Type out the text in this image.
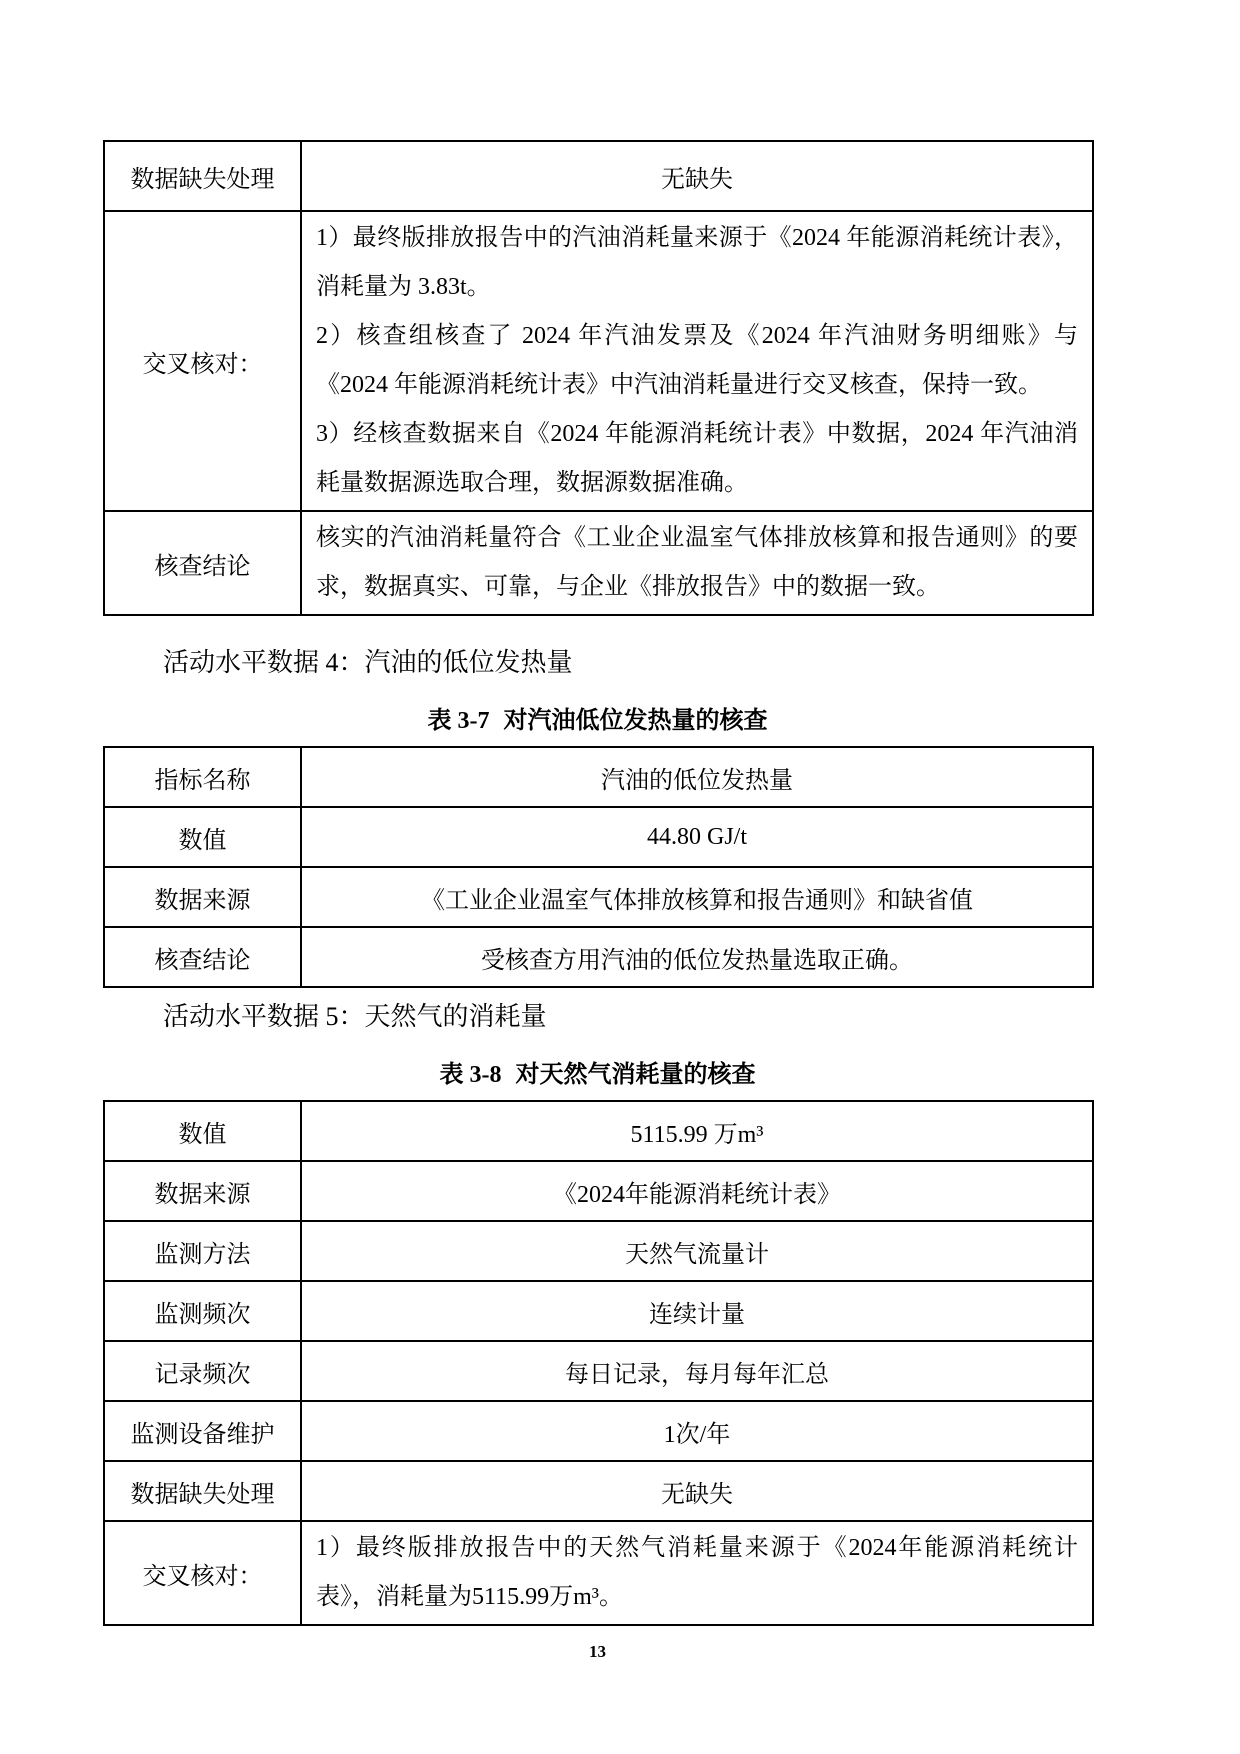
数据缺失处理	无缺失
交叉核对：	1）最终版排放报告中的汽油消耗量来源于《2024 年能源消耗统计表》，消耗量为 3.83t。
2）核查组核查了 2024 年汽油发票及《2024 年汽油财务明细账》与《2024 年能源消耗统计表》中汽油消耗量进行交叉核查，保持一致。
3）经核查数据来自《2024 年能源消耗统计表》中数据，2024 年汽油消耗量数据源选取合理，数据源数据准确。

核查结论	核实的汽油消耗量符合《工业企业温室气体排放核算和报告通则》的要求，数据真实、可靠，与企业《排放报告》中的数据一致。
活动水平数据 4：汽油的低位发热量
表 3-7 对汽油低位发热量的核查
指标名称	汽油的低位发热量
数值	44.80 GJ/t
数据来源	《工业企业温室气体排放核算和报告通则》和缺省值
核查结论	受核查方用汽油的低位发热量选取正确。
活动水平数据 5：天然气的消耗量
表 3-8 对天然气消耗量的核查
数值	5115.99 万m³
数据来源	《2024年能源消耗统计表》
监测方法	天然气流量计
监测频次	连续计量
记录频次	每日记录，每月每年汇总
监测设备维护	1次/年
数据缺失处理	无缺失
交叉核对：	1）最终版排放报告中的天然气消耗量来源于《2024年能源消耗统计表》，消耗量为5115.99万m³。
13
